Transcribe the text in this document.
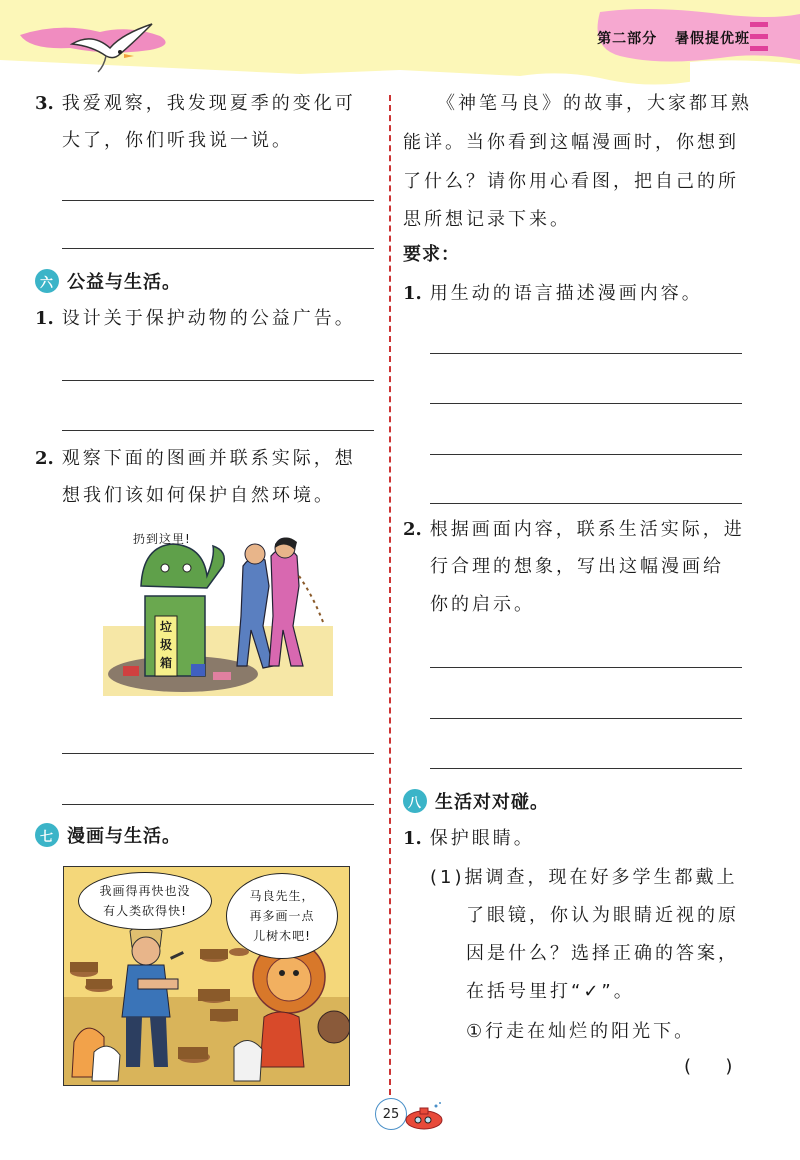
第二部分 暑假提优班
3. 我爱观察，我发现夏季的变化可
大了，你们听我说一说。
六 公益与生活。
1. 设计关于保护动物的公益广告。
2. 观察下面的图画并联系实际，想
想我们该如何保护自然环境。
扔到这里!
垃
圾
箱
七 漫画与生活。
我画得再快也没
有人类砍得快!
马良先生，
再多画一点
儿树木吧!
《神笔马良》的故事，大家都耳熟
能详。当你看到这幅漫画时，你想到
了什么？请你用心看图，把自己的所
思所想记录下来。
要求：
1. 用生动的语言描述漫画内容。
2. 根据画面内容，联系生活实际，进
行合理的想象，写出这幅漫画给
你的启示。
八 生活对对碰。
1. 保护眼睛。
(1)据调查，现在好多学生都戴上
了眼镜，你认为眼睛近视的原
因是什么？选择正确的答案，
在括号里打“✓”。
①行走在灿烂的阳光下。
(      )
25
